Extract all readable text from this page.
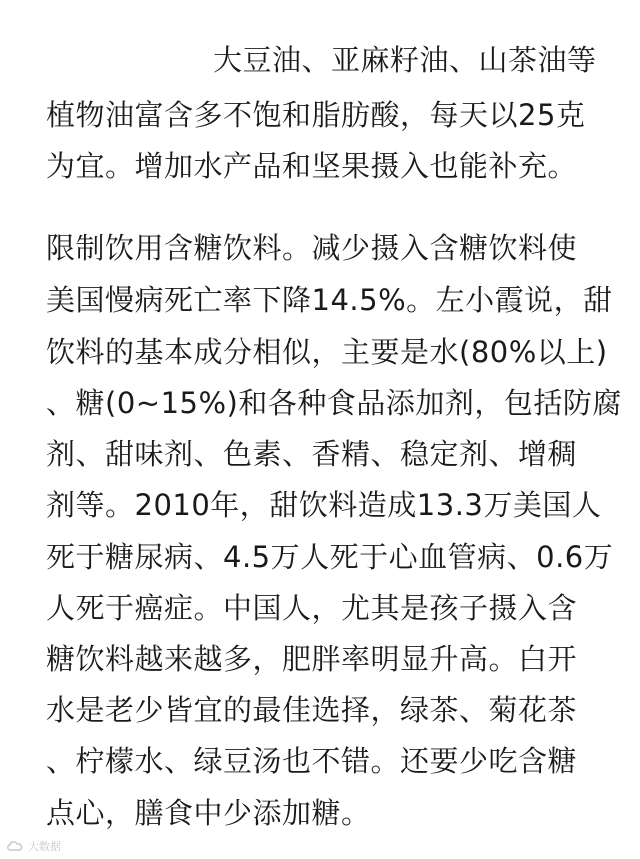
大豆油、亚麻籽油、山茶油等
植物油富含多不饱和脂肪酸，每天以25克
为宜。增加水产品和坚果摄入也能补充。
限制饮用含糖饮料。减少摄入含糖饮料使
美国慢病死亡率下降14.5%。左小霞说，甜
饮料的基本成分相似，主要是水(80%以上)
、糖(0~15%)和各种食品添加剂，包括防腐
剂、甜味剂、色素、香精、稳定剂、增稠
剂等。2010年，甜饮料造成13.3万美国人
死于糖尿病、4.5万人死于心血管病、0.6万
人死于癌症。中国人，尤其是孩子摄入含
糖饮料越来越多，肥胖率明显升高。白开
水是老少皆宜的最佳选择，绿茶、菊花茶
、柠檬水、绿豆汤也不错。还要少吃含糖
点心，膳食中少添加糖。
大数据
